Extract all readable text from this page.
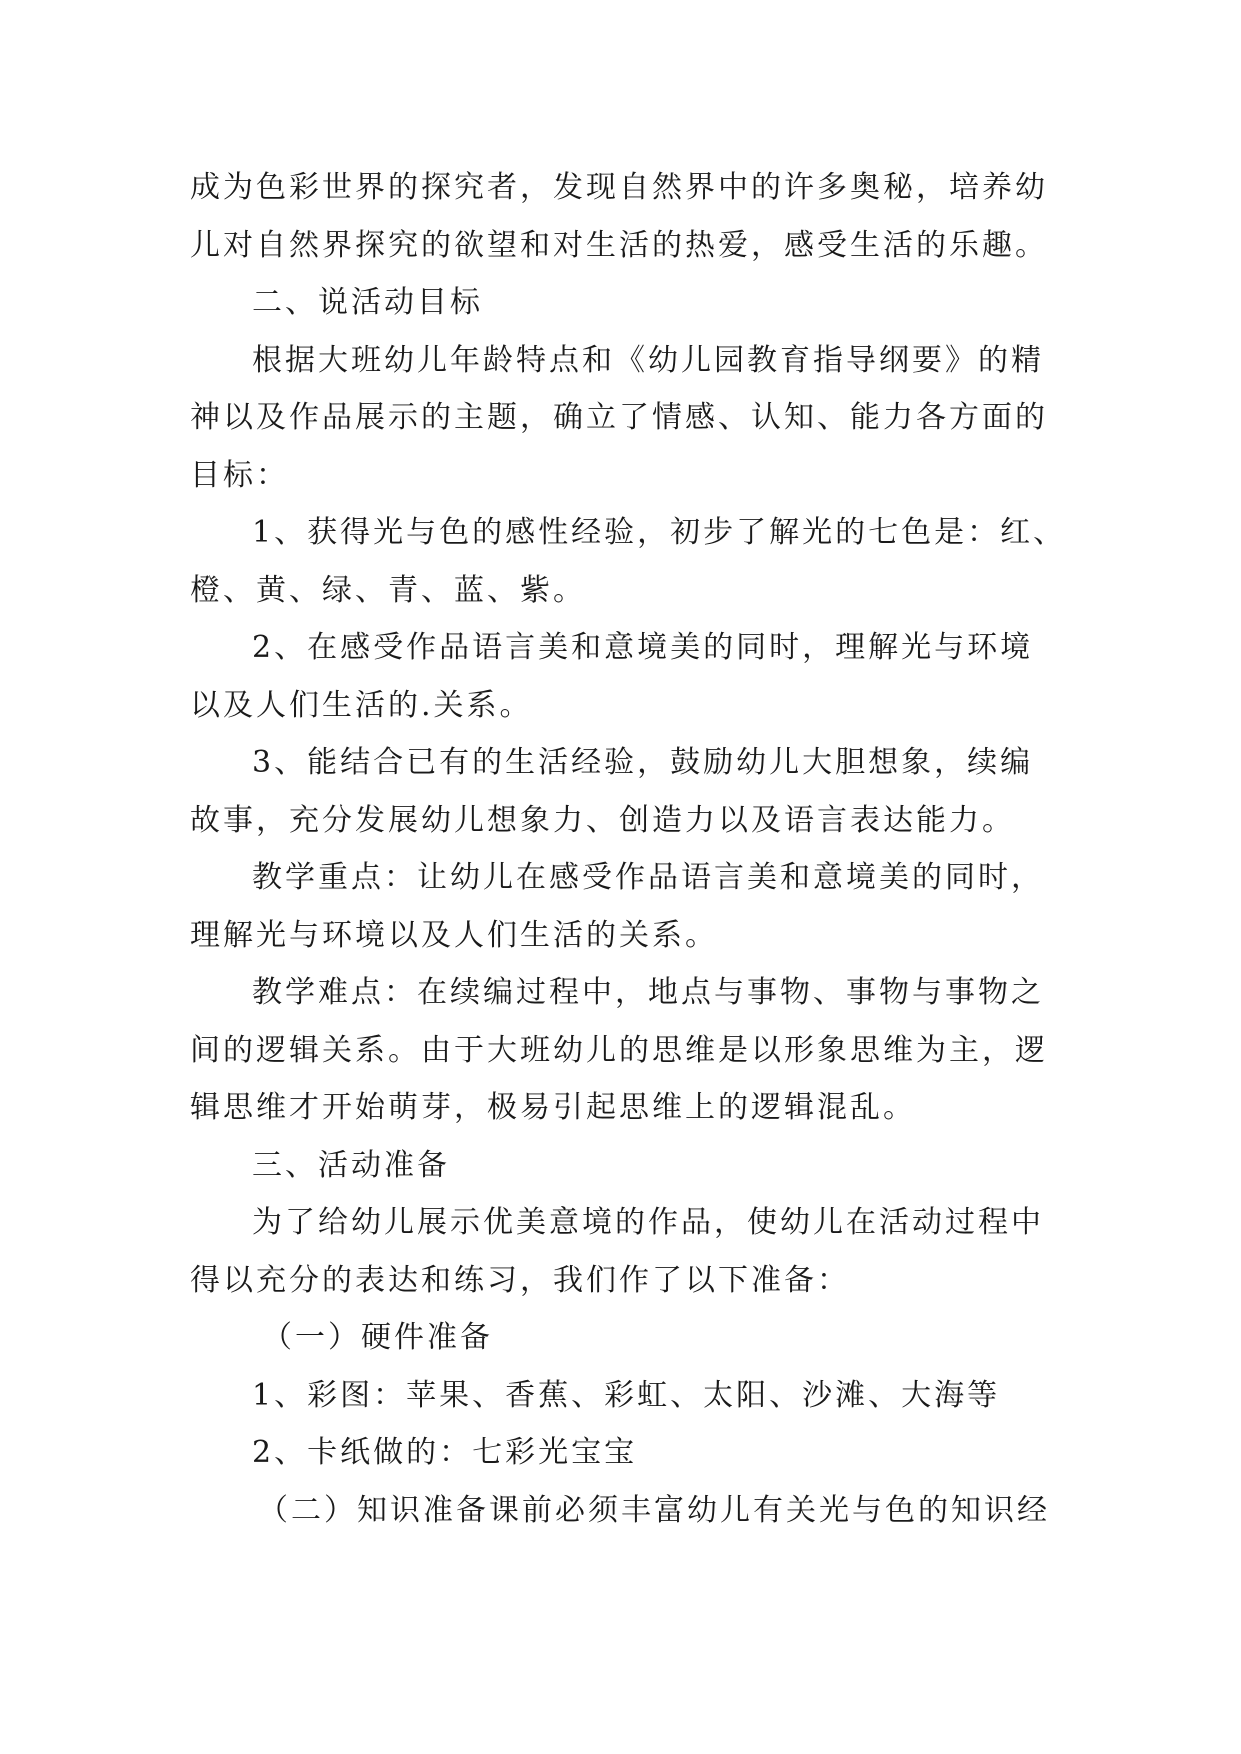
成为色彩世界的探究者，发现自然界中的许多奥秘，培养幼
儿对自然界探究的欲望和对生活的热爱，感受生活的乐趣。
二、说活动目标
根据大班幼儿年龄特点和《幼儿园教育指导纲要》的精
神以及作品展示的主题，确立了情感、认知、能力各方面的
目标：
1、获得光与色的感性经验，初步了解光的七色是：红、
橙、黄、绿、青、蓝、紫。
2、在感受作品语言美和意境美的同时，理解光与环境
以及人们生活的.关系。
3、能结合已有的生活经验，鼓励幼儿大胆想象，续编
故事，充分发展幼儿想象力、创造力以及语言表达能力。
教学重点：让幼儿在感受作品语言美和意境美的同时，
理解光与环境以及人们生活的关系。
教学难点：在续编过程中，地点与事物、事物与事物之
间的逻辑关系。由于大班幼儿的思维是以形象思维为主，逻
辑思维才开始萌芽，极易引起思维上的逻辑混乱。
三、活动准备
为了给幼儿展示优美意境的作品，使幼儿在活动过程中
得以充分的表达和练习，我们作了以下准备：
（一）硬件准备
1、彩图：苹果、香蕉、彩虹、太阳、沙滩、大海等
2、卡纸做的：七彩光宝宝
（二）知识准备课前必须丰富幼儿有关光与色的知识经
